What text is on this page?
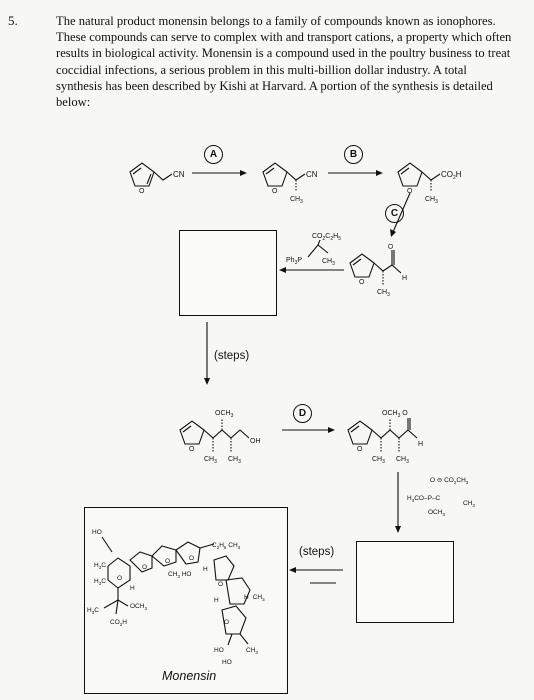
5.	The natural product monensin belongs to a family of compounds known as ionophores. These compounds can serve to complex with and transport cations, a property which often results in biological activity. Monensin is a compound used in the poultry business to treat coccidial infections, a serious problem in this multi-billion dollar industry. A total synthesis has been described by Kishi at Harvard. A portion of the synthesis is detailed below:
Monensin
A	B
C
D
(steps)
(steps)
O
CN
O
CN
$CH_3$
O
$CO_2H$
$CH_3$
O
O
H
$CH_3$
$CO_2C_2H_5$
$Ph_3P$	$CH_3$
O
$OCH_3$
OH
$CH_3$ $CH_3$
O
$OCH_3$ O
H
$CH_3$ $CH_3$
O ⊖ $CO_2CH_3$
$H_3CO-P-C$
$CH_3$
$OCH_3$
HO
$H_3C$
$H_3C$
$H_3C$
O
H
$OCH_3$
$CO_2H$
O
O
$CH_3$ HO
O
$C_2H_5$ $CH_3$
H
O
H $CH_3$
H
O
HO	$CH_3$
HO
